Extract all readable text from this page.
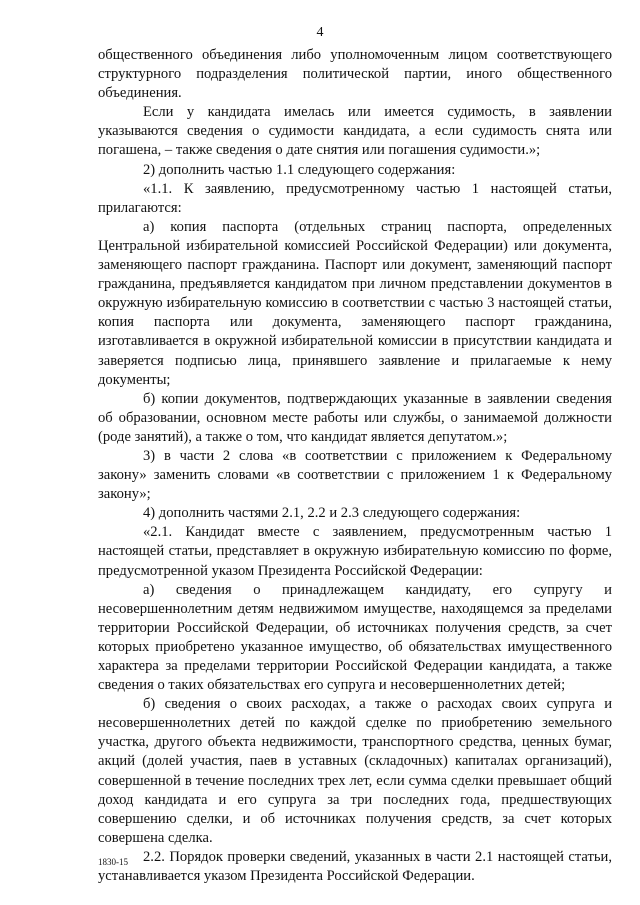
4

общественного объединения либо уполномоченным лицом соответствующего структурного подразделения политической партии, иного общественного объединения.

Если у кандидата имелась или имеется судимость, в заявлении указываются сведения о судимости кандидата, а если судимость снята или погашена, – также сведения о дате снятия или погашения судимости.»;

2) дополнить частью 1.1 следующего содержания:

«1.1. К заявлению, предусмотренному частью 1 настоящей статьи, прилагаются:

а) копия паспорта (отдельных страниц паспорта, определенных Центральной избирательной комиссией Российской Федерации) или документа, заменяющего паспорт гражданина. Паспорт или документ, заменяющий паспорт гражданина, предъявляется кандидатом при личном представлении документов в окружную избирательную комиссию в соответствии с частью 3 настоящей статьи, копия паспорта или документа, заменяющего паспорт гражданина, изготавливается в окружной избирательной комиссии в присутствии кандидата и заверяется подписью лица, принявшего заявление и прилагаемые к нему документы;

б) копии документов, подтверждающих указанные в заявлении сведения об образовании, основном месте работы или службы, о занимаемой должности (роде занятий), а также о том, что кандидат является депутатом.»;

3) в части 2 слова «в соответствии с приложением к Федеральному закону» заменить словами «в соответствии с приложением 1 к Федеральному закону»;

4) дополнить частями 2.1, 2.2 и 2.3 следующего содержания:

«2.1. Кандидат вместе с заявлением, предусмотренным частью 1 настоящей статьи, представляет в окружную избирательную комиссию по форме, предусмотренной указом Президента Российской Федерации:

а) сведения о принадлежащем кандидату, его супругу и несовершеннолетним детям недвижимом имуществе, находящемся за пределами территории Российской Федерации, об источниках получения средств, за счет которых приобретено указанное имущество, об обязательствах имущественного характера за пределами территории Российской Федерации кандидата, а также сведения о таких обязательствах его супруга и несовершеннолетних детей;

б) сведения о своих расходах, а также о расходах своих супруга и несовершеннолетних детей по каждой сделке по приобретению земельного участка, другого объекта недвижимости, транспортного средства, ценных бумаг, акций (долей участия, паев в уставных (складочных) капиталах организаций), совершенной в течение последних трех лет, если сумма сделки превышает общий доход кандидата и его супруга за три последних года, предшествующих совершению сделки, и об источниках получения средств, за счет которых совершена сделка.

2.2. Порядок проверки сведений, указанных в части 2.1 настоящей статьи, устанавливается указом Президента Российской Федерации.

1830-15
